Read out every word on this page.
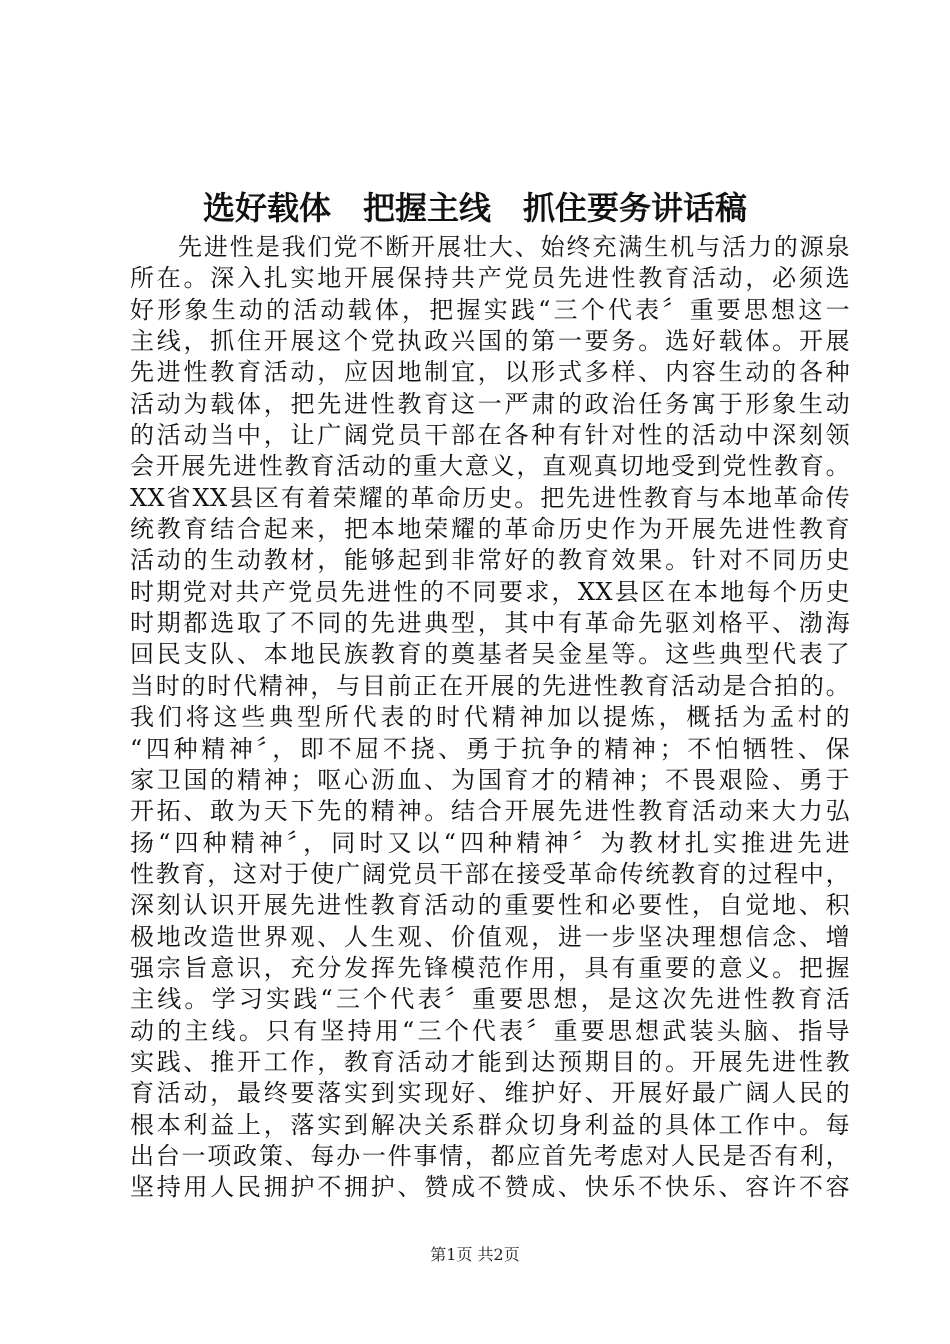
选好载体　把握主线　抓住要务讲话稿
先进性是我们党不断开展壮大、始终充满生机与活力的源泉
所在。深入扎实地开展保持共产党员先进性教育活动，必须选
好形象生动的活动载体，把握实践“三个代表〞重要思想这一
主线，抓住开展这个党执政兴国的第一要务。选好载体。开展
先进性教育活动，应因地制宜，以形式多样、内容生动的各种
活动为载体，把先进性教育这一严肃的政治任务寓于形象生动
的活动当中，让广阔党员干部在各种有针对性的活动中深刻领
会开展先进性教育活动的重大意义，直观真切地受到党性教育。
XX省XX县区有着荣耀的革命历史。把先进性教育与本地革命传
统教育结合起来，把本地荣耀的革命历史作为开展先进性教育
活动的生动教材，能够起到非常好的教育效果。针对不同历史
时期党对共产党员先进性的不同要求，XX县区在本地每个历史
时期都选取了不同的先进典型，其中有革命先驱刘格平、渤海
回民支队、本地民族教育的奠基者吴金星等。这些典型代表了
当时的时代精神，与目前正在开展的先进性教育活动是合拍的。
我们将这些典型所代表的时代精神加以提炼，概括为孟村的
“四种精神〞，即不屈不挠、勇于抗争的精神；不怕牺牲、保
家卫国的精神；呕心沥血、为国育才的精神；不畏艰险、勇于
开拓、敢为天下先的精神。结合开展先进性教育活动来大力弘
扬“四种精神〞，同时又以“四种精神〞为教材扎实推进先进
性教育，这对于使广阔党员干部在接受革命传统教育的过程中，
深刻认识开展先进性教育活动的重要性和必要性，自觉地、积
极地改造世界观、人生观、价值观，进一步坚决理想信念、增
强宗旨意识，充分发挥先锋模范作用，具有重要的意义。把握
主线。学习实践“三个代表〞重要思想，是这次先进性教育活
动的主线。只有坚持用“三个代表〞重要思想武装头脑、指导
实践、推开工作，教育活动才能到达预期目的。开展先进性教
育活动，最终要落实到实现好、维护好、开展好最广阔人民的
根本利益上，落实到解决关系群众切身利益的具体工作中。每
出台一项政策、每办一件事情，都应首先考虑对人民是否有利，
坚持用人民拥护不拥护、赞成不赞成、快乐不快乐、容许不容
第1页 共2页
